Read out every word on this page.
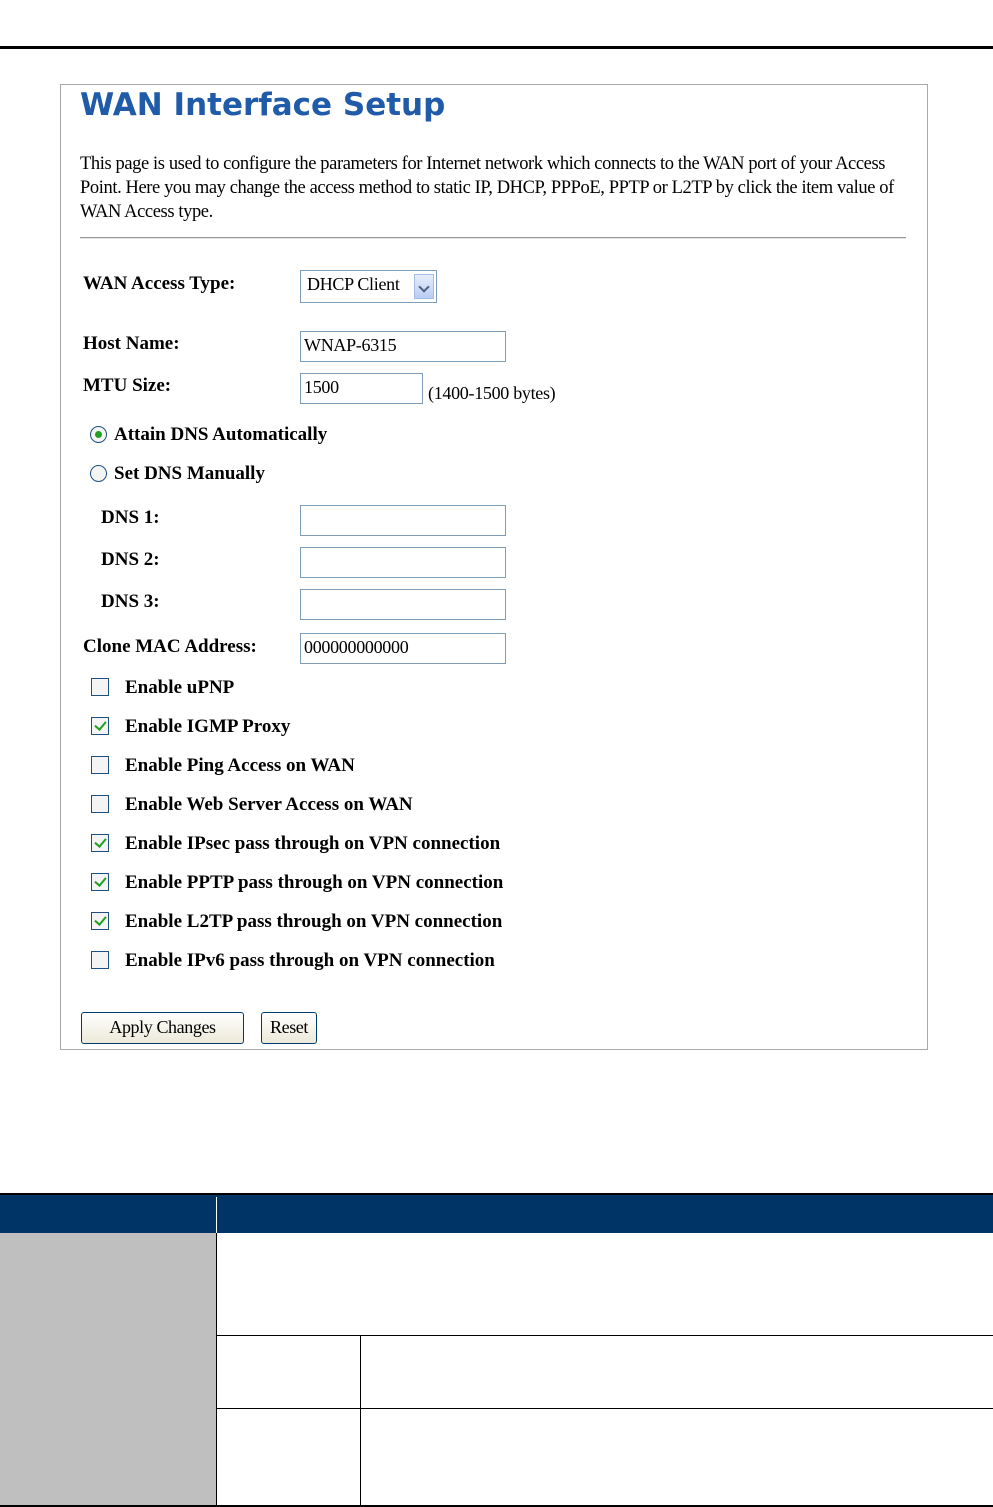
WAN Interface Setup

This page is used to configure the parameters for Internet network which connects to the WAN port of your Access Point. Here you may change the access method to static IP, DHCP, PPPoE, PPTP or L2TP by click the item value of WAN Access type.

WAN Access Type:	DHCP Client
Host Name:	WNAP-6315
MTU Size:	1500	(1400-1500 bytes)
Attain DNS Automatically
Set DNS Manually
DNS 1:
DNS 2:
DNS 3:
Clone MAC Address:	000000000000
Enable uPNP
Enable IGMP Proxy
Enable Ping Access on WAN
Enable Web Server Access on WAN
Enable IPsec pass through on VPN connection
Enable PPTP pass through on VPN connection
Enable L2TP pass through on VPN connection
Enable IPv6 pass through on VPN connection
Apply Changes	Reset
